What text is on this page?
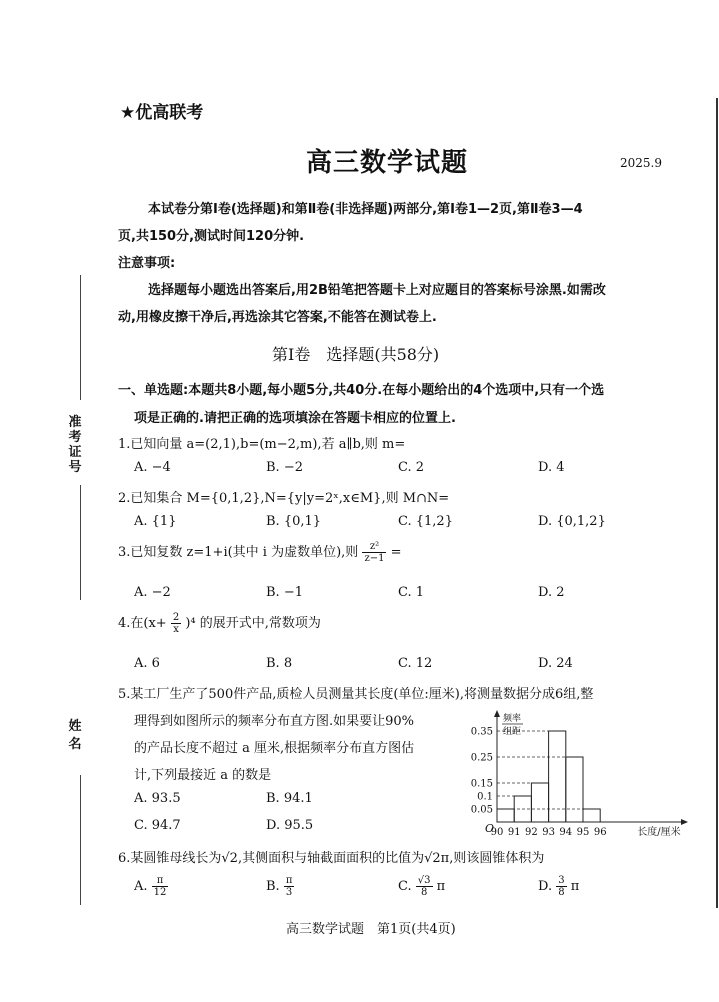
准考证号
姓名
★优高联考
高三数学试题	2025.9
本试卷分第Ⅰ卷(选择题)和第Ⅱ卷(非选择题)两部分,第Ⅰ卷1—2页,第Ⅱ卷3—4
页,共150分,测试时间120分钟.
注意事项:
选择题每小题选出答案后,用2B铅笔把答题卡上对应题目的答案标号涂黑.如需改
动,用橡皮擦干净后,再选涂其它答案,不能答在测试卷上.
第Ⅰ卷　选择题(共58分)
一、单选题:本题共8小题,每小题5分,共40分.在每小题给出的4个选项中,只有一个选
项是正确的.请把正确的选项填涂在答题卡相应的位置上.
1.已知向量 a=(2,1),b=(m−2,m),若 a∥b,则 m=
A. −4	B. −2	C. 2	D. 4
2.已知集合 M={0,1,2},N={y|y=2ˣ,x∈M},则 M∩N=
A. {1}	B. {0,1}	C. {1,2}	D. {0,1,2}
3.已知复数 z=1+i(其中 i 为虚数单位),则 $\frac{\text{z²}}{z-1}$ =
A. −2	B. −1	C. 1	D. 2
4.在$(x+ \frac{2}{x} )^4$ 的展开式中,常数项为
A. 6	B. 8	C. 12	D. 24
5.某工厂生产了500件产品,质检人员测量其长度(单位:厘米),将测量数据分成6组,整
理得到如图所示的频率分布直方图.如果要让90%
的产品长度不超过 a 厘米,根据频率分布直方图估
计,下列最接近 a 的数是
A. 93.5	B. 94.1
C. 94.7	D. 95.5
0.05
0.1
0.15
0.25
0.35
90 91 92 93 94 95 96
O	长度/厘米
频率
组距
6.某圆锥母线长为√2,其侧面积与轴截面面积的比值为√2π,则该圆锥体积为
A. $\frac{\pi}{12}$	B. $\frac{\pi}{3}$	C. $\frac{√3}{8}$ π	D. $\frac{3}{8}$ π
高三数学试题　第1页(共4页)
